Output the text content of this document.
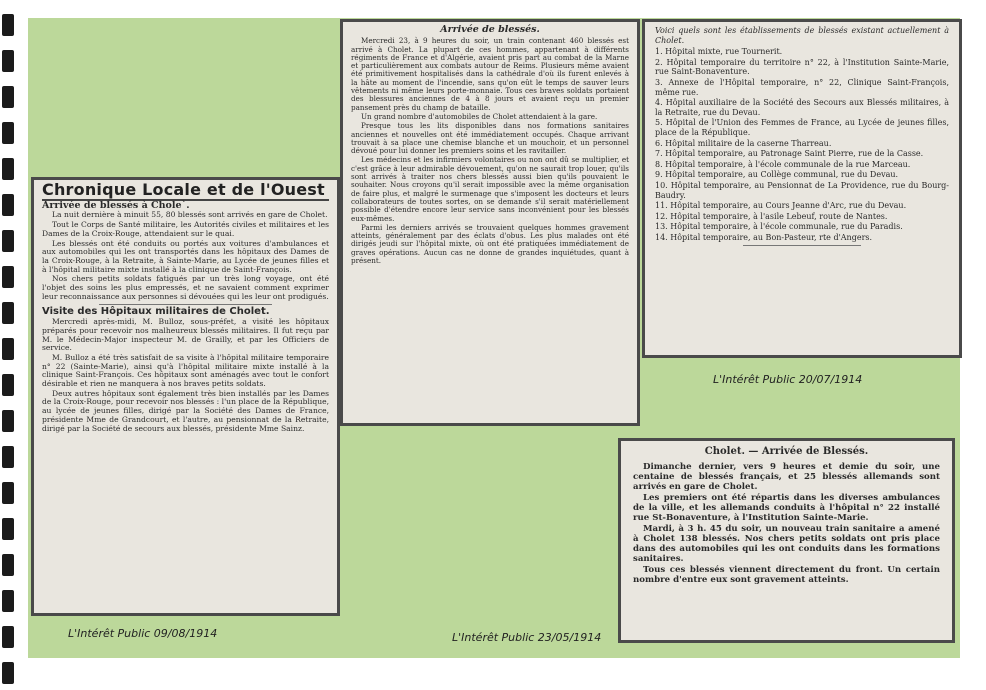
Chronique Locale et de l'Ouest

Arrivée de blessés à Chole`.

La nuit dernière à minuit 55, 80 blessés sont arrivés en gare de Cholet.

Tout le Corps de Santé militaire, les Autorités civiles et militaires et les Dames de la Croix-Rouge, attendaient sur le quai.

Les blessés ont été conduits ou portés aux voitures d'ambulances et aux automobiles qui les ont transportés dans les hôpitaux des Dames de la Croix-Rouge, à la Retraite, à Sainte-Marie, au Lycée de jeunes filles et à l'hôpital militaire mixte installé à la clinique de Saint-François.

Nos chers petits soldats fatigués par un très long voyage, ont été l'objet des soins les plus empressés, et ne savaient comment exprimer leur reconnaissance aux personnes si dévouées qui les leur ont prodigués.

Visite des Hôpitaux militaires de Cholet.

Mercredi après-midi, M. Bulloz, sous-préfet, a visité les hôpitaux préparés pour recevoir nos malheureux blessés militaires. Il fut reçu par M. le Médecin-Major inspecteur M. de Grailly, et par les Officiers de service.

M. Bulloz a été très satisfait de sa visite à l'hôpital militaire temporaire n° 22 (Sainte-Marie), ainsi qu'à l'hôpital militaire mixte installé à la clinique Saint-François. Ces hôpitaux sont aménagés avec tout le confort désirable et rien ne manquera à nos braves petits soldats.

Deux autres hôpitaux sont également très bien installés par les Dames de la Croix-Rouge, pour recevoir nos blessés : l'un place de la République, au lycée de jeunes filles, dirigé par la Société des Dames de France, présidente Mme de Grandcourt, et l'autre, au pensionnat de la Retraite, dirigé par la Société de secours aux blessés, présidente Mme Sainz.

Arrivée de blessés.

Mercredi 23, à 9 heures du soir, un train contenant 460 blessés est arrivé à Cholet. La plupart de ces hommes, appartenant à différents régiments de France et d'Algérie, avaient pris part au combat de la Marne et particulièrement aux combats autour de Reims. Plusieurs même avaient été primitivement hospitalisés dans la cathédrale d'où ils furent enlevés à la hâte au moment de l'incendie, sans qu'on eût le temps de sauver leurs vêtements ni même leurs porte-monnaie. Tous ces braves soldats portaient des blessures anciennes de 4 à 8 jours et avaient reçu un premier pansement près du champ de bataille.

Un grand nombre d'automobiles de Cholet attendaient à la gare.

Presque tous les lits disponibles dans nos formations sanitaires anciennes et nouvelles ont été immédiatement occupés. Chaque arrivant trouvait à sa place une chemise blanche et un mouchoir, et un personnel dévoué pour lui donner les premiers soins et les ravitailler.

Les médecins et les infirmiers volontaires ou non ont dû se multiplier, et c'est grâce à leur admirable dévouement, qu'on ne saurait trop louer, qu'ils sont arrivés à traiter nos chers blessés aussi bien qu'ils pouvaient le souhaiter. Nous croyons qu'il serait impossible avec la même organisation de faire plus, et malgré le surmenage que s'imposent les docteurs et leurs collaborateurs de toutes sortes, on se demande s'il serait matériellement possible d'étendre encore leur service sans inconvénient pour les blessés eux-mêmes.

Parmi les derniers arrivés se trouvaient quelques hommes gravement atteints, généralement par des éclats d'obus. Les plus malades ont été dirigés jeudi sur l'hôpital mixte, où ont été pratiquées immédiatement de graves opérations. Aucun cas ne donne de grandes inquiétudes, quant à présent.

Voici quels sont les établissements de blessés existant actuellement à Cholet.

1. Hôpital mixte, rue Tournerit.

2. Hôpital temporaire du territoire n° 22, à l'Institution Sainte-Marie, rue Saint-Bonaventure.

3. Annexe de l'Hôpital temporaire, n° 22, Clinique Saint-François, même rue.

4. Hôpital auxiliaire de la Société des Secours aux Blessés militaires, à la Retraite, rue du Devau.

5. Hôpital de l'Union des Femmes de France, au Lycée de jeunes filles, place de la République.

6. Hôpital militaire de la caserne Tharreau.

7. Hôpital temporaire, au Patronage Saint Pierre, rue de la Casse.

8. Hôpital temporaire, à l'école communale de la rue Marceau.

9. Hôpital temporaire, au Collège communal, rue du Devau.

10. Hôpital temporaire, au Pensionnat de La Providence, rue du Bourg-Baudry.

11. Hôpital temporaire, au Cours Jeanne d'Arc, rue du Devau.

12. Hôpital temporaire, à l'asile Lebeuf, route de Nantes.

13. Hôpital temporaire, à l'école communale, rue du Paradis.

14. Hôpital temporaire, au Bon-Pasteur, rte d'Angers.

Cholet. — Arrivée de Blessés.

Dimanche dernier, vers 9 heures et demie du soir, une centaine de blessés français, et 25 blessés allemands sont arrivés en gare de Cholet.

Les premiers ont été répartis dans les diverses ambulances de la ville, et les allemands conduits à l'hôpital n° 22 installé rue St-Bonaventure, à l'Institution Sainte-Marie.

Mardi, à 3 h. 45 du soir, un nouveau train sanitaire a amené à Cholet 138 blessés. Nos chers petits soldats ont pris place dans des automobiles qui les ont conduits dans les formations sanitaires.

Tous ces blessés viennent directement du front. Un certain nombre d'entre eux sont gravement atteints.

L'Intérêt Public 09/08/1914	L'Intérêt Public 23/05/1914
L'Intérêt Public 20/07/1914
